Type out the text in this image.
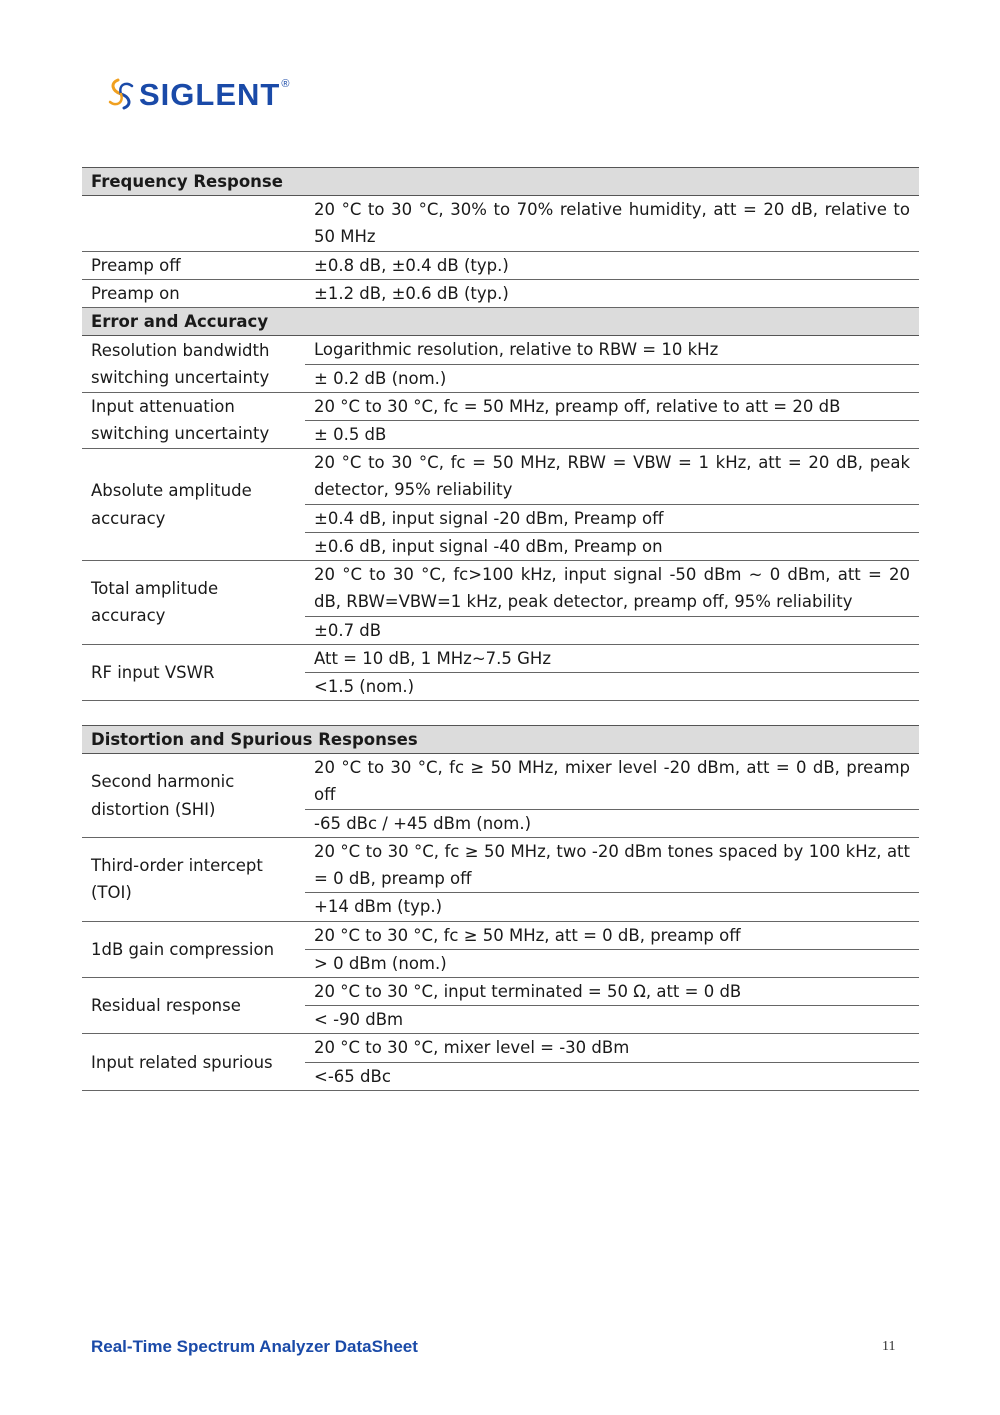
SIGLENT ®
Frequency Response	
	20 °C to 30 °C, 30% to 70% relative humidity, att = 20 dB, relative to 50 MHz
Preamp off	±0.8 dB, ±0.4 dB (typ.)
Preamp on	±1.2 dB, ±0.6 dB (typ.)
Error and Accuracy	
Resolution bandwidth switching uncertainty	Logarithmic resolution, relative to RBW = 10 kHz
	± 0.2 dB (nom.)
Input attenuation switching uncertainty	20 °C to 30 °C, fc = 50 MHz, preamp off, relative to att = 20 dB
	± 0.5 dB
Absolute amplitude accuracy	20 °C to 30 °C, fc = 50 MHz, RBW = VBW = 1 kHz, att = 20 dB, peak detector, 95% reliability
	±0.4 dB, input signal -20 dBm, Preamp off
	±0.6 dB, input signal -40 dBm, Preamp on
Total amplitude accuracy	20 °C to 30 °C, fc>100 kHz, input signal -50 dBm ~ 0 dBm, att = 20 dB, RBW=VBW=1 kHz, peak detector, preamp off, 95% reliability
	±0.7 dB
RF input VSWR	Att = 10 dB, 1 MHz~7.5 GHz
	<1.5 (nom.)
Distortion and Spurious Responses	
Second harmonic distortion (SHI)	20 °C to 30 °C, fc ≥ 50 MHz, mixer level -20 dBm, att = 0 dB, preamp off
	-65 dBc / +45 dBm (nom.)
Third-order intercept (TOI)	20 °C to 30 °C, fc ≥ 50 MHz, two -20 dBm tones spaced by 100 kHz, att = 0 dB, preamp off
	+14 dBm (typ.)
1dB gain compression	20 °C to 30 °C, fc ≥ 50 MHz, att = 0 dB, preamp off
	> 0 dBm (nom.)
Residual response	20 °C to 30 °C, input terminated = 50 Ω, att = 0 dB
	< -90 dBm
Input related spurious	20 °C to 30 °C, mixer level = -30 dBm
	<-65 dBc
Real-Time Spectrum Analyzer DataSheet	11
